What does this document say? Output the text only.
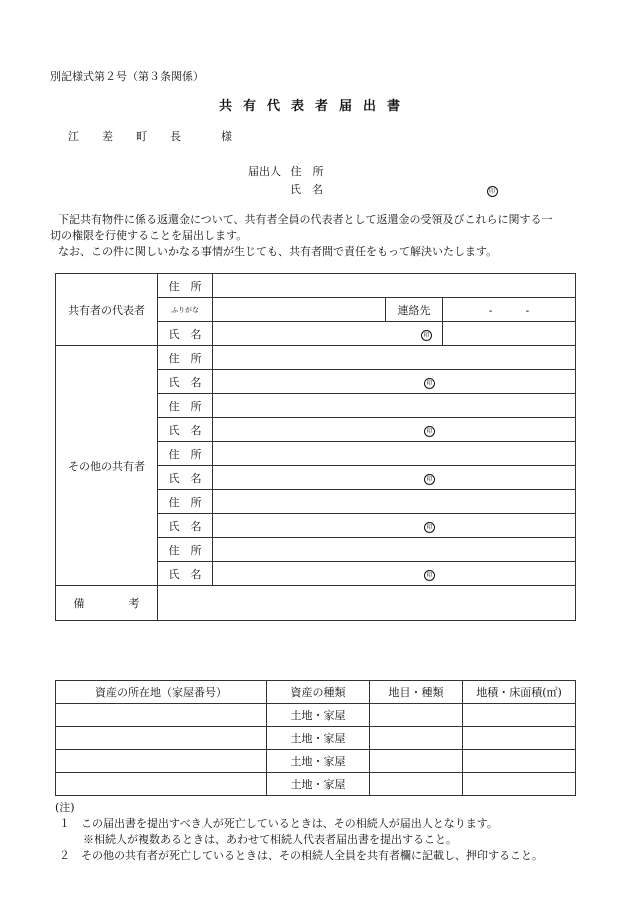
別記様式第２号（第３条関係）
共有代表者届出書
江　差　町　長　　様
届出人 住　所
氏　名	印
下記共有物件に係る返還金について、共有者全員の代表者として返還金の受領及びこれらに関する一
切の権限を行使することを届出します。
なお、この件に関しいかなる事情が生じても、共有者間で責任をもって解決いたします。
共有者の代表者	住　所			
	ふりがな		連絡先	-　　　-
	氏　名	印		
その他の共有者	住　所			
	氏　名	印		
	住　所			
	氏　名	印		
	住　所			
	氏　名	印		
	住　所			
	氏　名	印		
	住　所			
	氏　名	印		
備　　　　考				
資産の所在地（家屋番号）	資産の種類	地目・種類	地積・床面積(㎡)
	土地・家屋		
	土地・家屋		
	土地・家屋		
	土地・家屋		
(注)
１　この届出書を提出すべき人が死亡しているときは、その相続人が届出人となります。
※相続人が複数あるときは、あわせて相続人代表者届出書を提出すること。
２　その他の共有者が死亡しているときは、その相続人全員を共有者欄に記載し、押印すること。
